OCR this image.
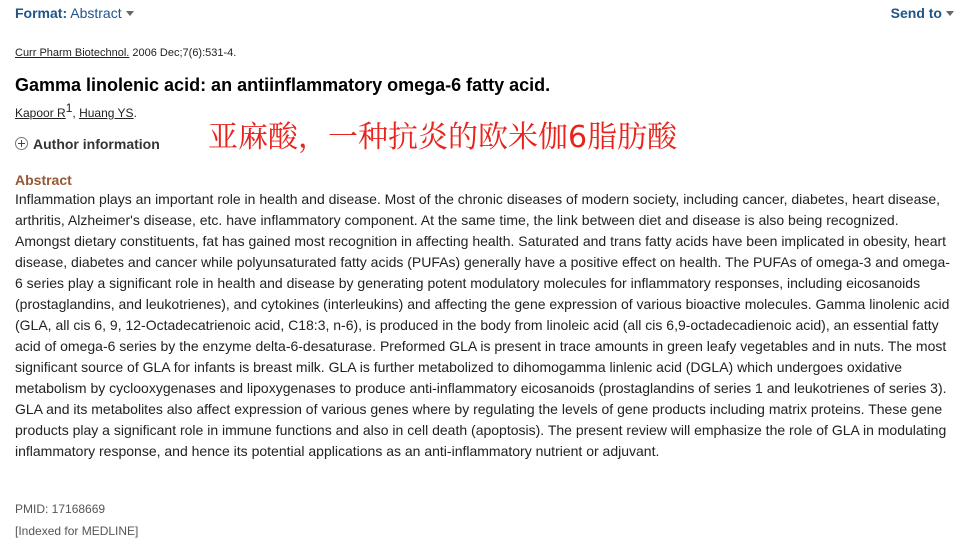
Format: Abstract	Send to
Curr Pharm Biotechnol. 2006 Dec;7(6):531-4.
Gamma linolenic acid: an antiinflammatory omega-6 fatty acid.
Kapoor $R^1$, Huang YS.
Author information 亚麻酸，一种抗炎的欧米伽6脂肪酸
Abstract

Inflammation plays an important role in health and disease. Most of the chronic diseases of modern society, including cancer, diabetes, heart disease, arthritis, Alzheimer's disease, etc. have inflammatory component. At the same time, the link between diet and disease is also being recognized. Amongst dietary constituents, fat has gained most recognition in affecting health. Saturated and trans fatty acids have been implicated in obesity, heart disease, diabetes and cancer while polyunsaturated fatty acids (PUFAs) generally have a positive effect on health. The PUFAs of omega-3 and omega-6 series play a significant role in health and disease by generating potent modulatory molecules for inflammatory responses, including eicosanoids (prostaglandins, and leukotrienes), and cytokines (interleukins) and affecting the gene expression of various bioactive molecules. Gamma linolenic acid (GLA, all cis 6, 9, 12-Octadecatrienoic acid, C18:3, n-6), is produced in the body from linoleic acid (all cis 6,9-octadecadienoic acid), an essential fatty acid of omega-6 series by the enzyme delta-6-desaturase. Preformed GLA is present in trace amounts in green leafy vegetables and in nuts. The most significant source of GLA for infants is breast milk. GLA is further metabolized to dihomogamma linlenic acid (DGLA) which undergoes oxidative metabolism by cyclooxygenases and lipoxygenases to produce anti-inflammatory eicosanoids (prostaglandins of series 1 and leukotrienes of series 3). GLA and its metabolites also affect expression of various genes where by regulating the levels of gene products including matrix proteins. These gene products play a significant role in immune functions and also in cell death (apoptosis). The present review will emphasize the role of GLA in modulating inflammatory response, and hence its potential applications as an anti-inflammatory nutrient or adjuvant.

PMID: 17168669
[Indexed for MEDLINE]
